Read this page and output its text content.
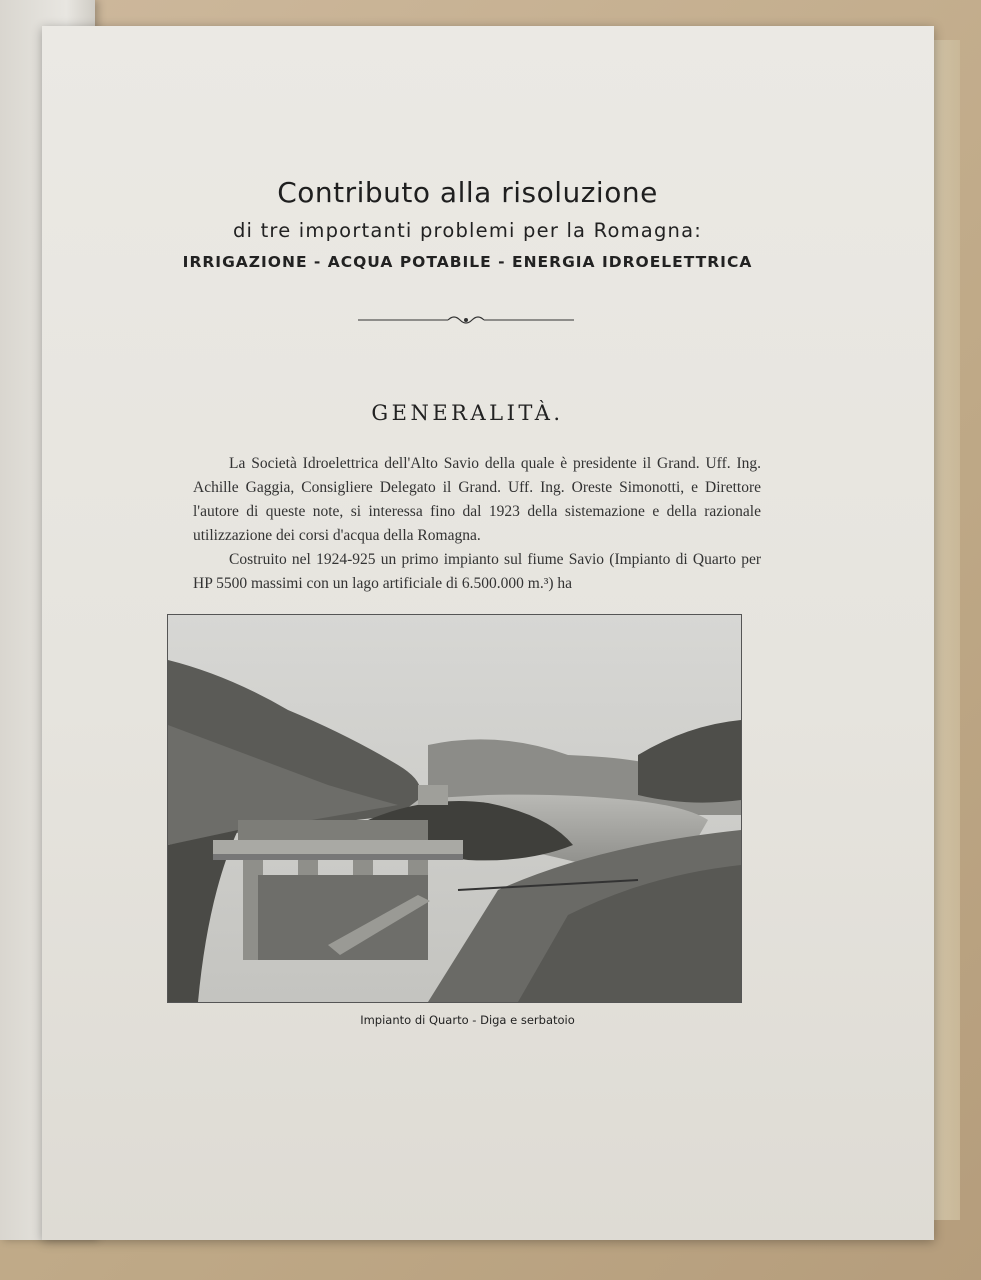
Contributo alla risoluzione
di tre importanti problemi per la Romagna:
IRRIGAZIONE - ACQUA POTABILE - ENERGIA IDROELETTRICA
GENERALITÀ.
La Società Idroelettrica dell'Alto Savio della quale è presidente il Grand. Uff. Ing. Achille Gaggia, Consigliere Delegato il Grand. Uff. Ing. Oreste Simonotti, e Direttore l'autore di queste note, si interessa fino dal 1923 della sistemazione e della razionale utilizzazione dei corsi d'acqua della Romagna.
Costruito nel 1924-925 un primo impianto sul fiume Savio (Impianto di Quarto per HP 5500 massimi con un lago artificiale di 6.500.000 m.³) ha
Impianto di Quarto - Diga e serbatoio
